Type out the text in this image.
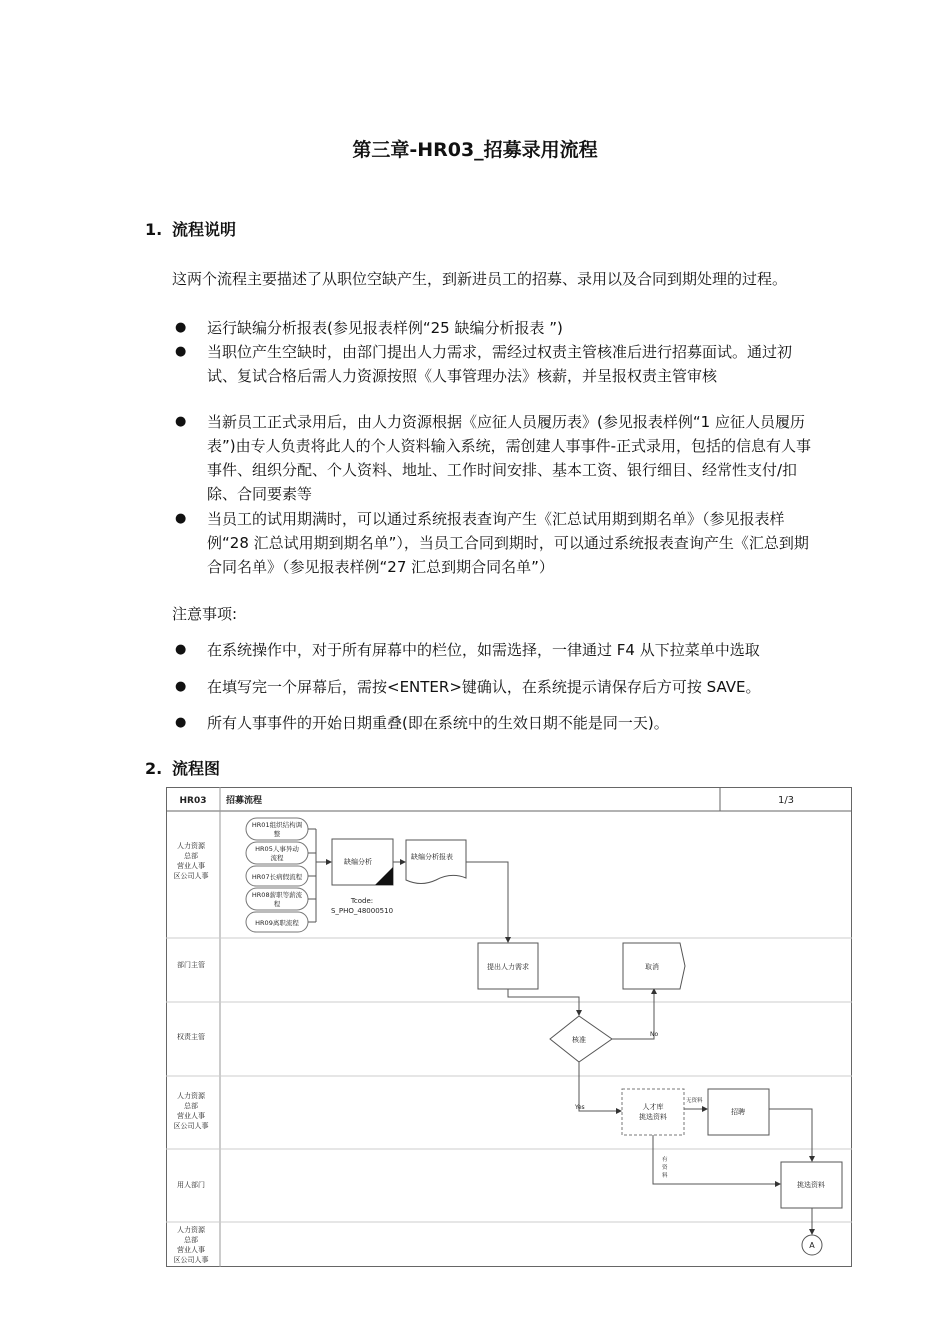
第三章-HR03_招募录用流程
1. 流程说明
这两个流程主要描述了从职位空缺产生，到新进员工的招募、录用以及合同到期处理的过程。
● 运行缺编分析报表(参见报表样例“25 缺编分析报表 ”)
● 当职位产生空缺时，由部门提出人力需求，需经过权责主管核准后进行招募面试。通过初试、复试合格后需人力资源按照《人事管理办法》核薪，并呈报权责主管审核
● 当新员工正式录用后，由人力资源根据《应征人员履历表》(参见报表样例“1 应征人员履历表”)由专人负责将此人的个人资料输入系统，需创建人事事件-正式录用，包括的信息有人事事件、组织分配、个人资料、地址、工作时间安排、基本工资、银行细目、经常性支付/扣除、合同要素等
● 当员工的试用期满时，可以通过系统报表查询产生《汇总试用期到期名单》（参见报表样例“28 汇总试用期到期名单”），当员工合同到期时，可以通过系统报表查询产生《汇总到期合同名单》（参见报表样例“27 汇总到期合同名单”）
注意事项:
● 在系统操作中，对于所有屏幕中的栏位，如需选择，一律通过 F4 从下拉菜单中选取
● 在填写完一个屏幕后，需按<ENTER>键确认，在系统提示请保存后方可按 SAVE。
● 所有人事事件的开始日期重叠(即在系统中的生效日期不能是同一天)。
2. 流程图
HR03 招募流程	1/3
人力资源
总部
营业人事
区公司人事
部门主管
权责主管
人力资源
总部
营业人事
区公司人事
用人部门
人力资源
总部
营业人事
区公司人事
HR01组织结构调
整
HR05人事异动
流程
HR07长病假流程
HR08薪职等薪流
程
HR09离职流程
缺编分析
Tcode:
S_PHO_48000510
缺编分析报表
提出人力需求
核准
No
取消
Yes	人才库
挑选资料
无资料
招聘
有
资
料
挑选资料
A
